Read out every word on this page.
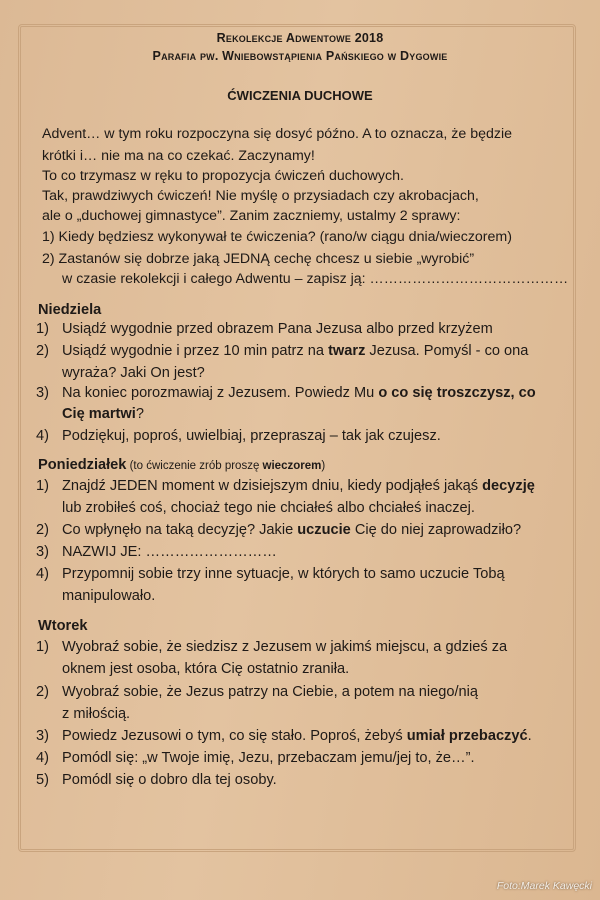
Rekolekcje Adwentowe 2018
Parafia pw. Wniebowstąpienia Pańskiego w Dygowie
ĆWICZENIA DUCHOWE
Advent… w tym roku rozpoczyna się dosyć późno. A to oznacza, że będzie
krótki i… nie ma na co czekać. Zaczynamy!
To co trzymasz w ręku to propozycja ćwiczeń duchowych.
Tak, prawdziwych ćwiczeń! Nie myślę o przysiadach czy akrobacjach,
ale o „duchowej gimnastyce”. Zanim zaczniemy, ustalmy 2 sprawy:
1) Kiedy będziesz wykonywał te ćwiczenia? (rano/w ciągu dnia/wieczorem)
2) Zastanów się dobrze jaką JEDNĄ cechę chcesz u siebie „wyrobić”
w czasie rekolekcji i całego Adwentu – zapisz ją: ……………………………………
Niedziela
1) Usiądź wygodnie przed obrazem Pana Jezusa albo przed krzyżem
2) Usiądź wygodnie i przez 10 min patrz na twarz Jezusa. Pomyśl - co ona
wyraża? Jaki On jest?
3) Na koniec porozmawiaj z Jezusem. Powiedz Mu o co się troszczysz, co
Cię martwi?
4) Podziękuj, poproś, uwielbiaj, przepraszaj – tak jak czujesz.
Poniedziałek (to ćwiczenie zrób proszę wieczorem)
1) Znajdź JEDEN moment w dzisiejszym dniu, kiedy podjąłeś jakąś decyzję
lub zrobiłeś coś, chociaż tego nie chciałeś albo chciałeś inaczej.
2) Co wpłynęło na taką decyzję? Jakie uczucie Cię do niej zaprowadziło?
3) NAZWIJ JE: ………………………
4) Przypomnij sobie trzy inne sytuacje, w których to samo uczucie Tobą
manipulowało.
Wtorek
1) Wyobraź sobie, że siedzisz z Jezusem w jakimś miejscu, a gdzieś za
oknem jest osoba, która Cię ostatnio zraniła.
2) Wyobraź sobie, że Jezus patrzy na Ciebie, a potem na niego/nią
z miłością.
3) Powiedz Jezusowi o tym, co się stało. Poproś, żebyś umiał przebaczyć.
4) Pomódl się: „w Twoje imię, Jezu, przebaczam jemu/jej to, że…”.
5) Pomódl się o dobro dla tej osoby.
Foto:Marek Kawęcki
